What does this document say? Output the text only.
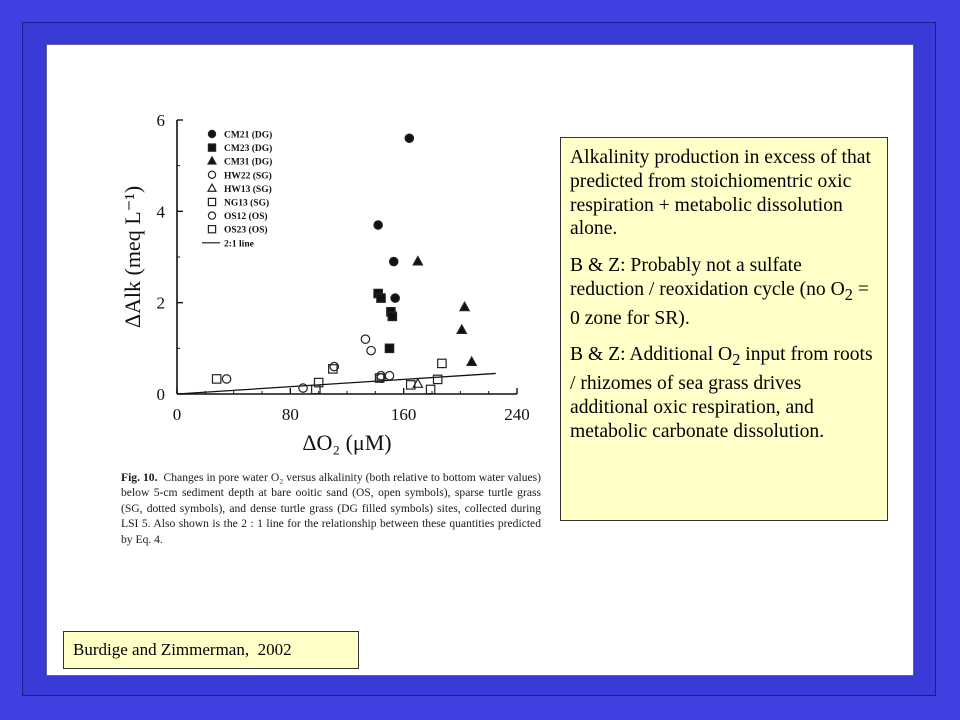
0	80	160	240
0
2
4
6
ΔO₂ (μM)
ΔAlk (meq L⁻¹)
CM21 (DG)
CM23 (DG)
CM31 (DG)
HW22 (SG)
HW13 (SG)
NG13 (SG)
OS12 (OS)
OS23 (OS)
2:1 line
Fig. 10. Changes in pore water O₂ versus alkalinity (both relative to bottom water values) below 5-cm sediment depth at bare ooitic sand (OS, open symbols), sparse turtle grass (SG, dotted symbols), and dense turtle grass (DG filled symbols) sites, collected during LSI 5. Also shown is the 2 : 1 line for the relationship between these quantities predicted by Eq. 4.

Alkalinity production in excess of that predicted from stoichiomentric oxic respiration + metabolic dissolution alone.

B & Z: Probably not a sulfate reduction / reoxidation cycle (no $O_2 = 0$ zone for SR).

B & Z: Additional $O_2$ input from roots / rhizomes of sea grass drives additional oxic respiration, and metabolic carbonate dissolution.

Burdige and Zimmerman,  2002
